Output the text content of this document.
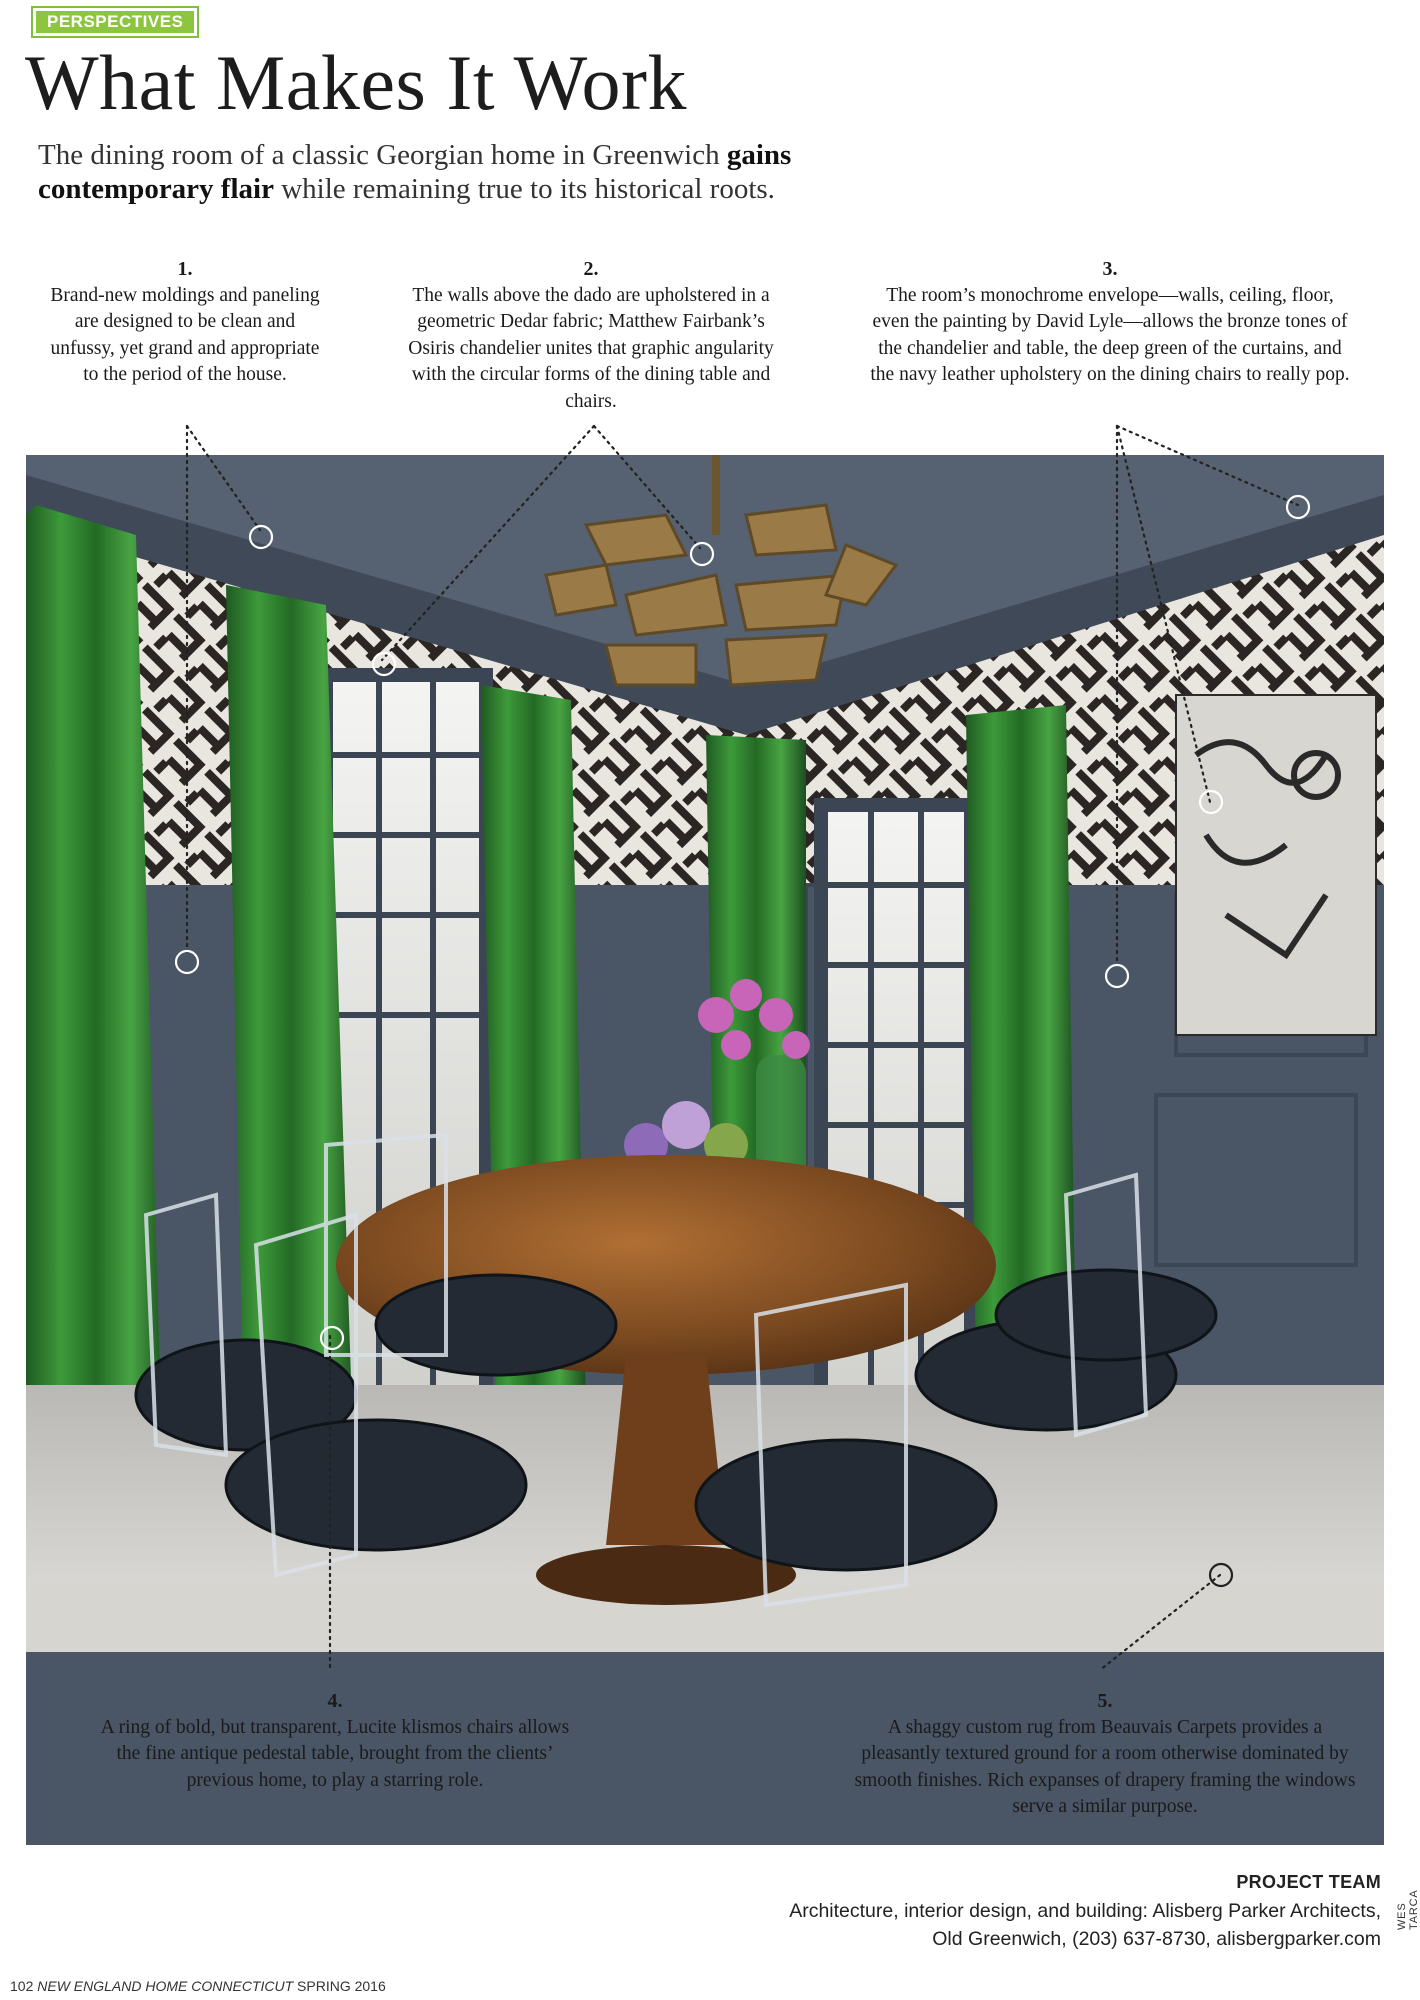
PERSPECTIVES
What Makes It Work
The dining room of a classic Georgian home in Greenwich gains contemporary flair while remaining true to its historical roots.
1.
Brand-new moldings and paneling are designed to be clean and unfussy, yet grand and appropriate to the period of the house.
2.
The walls above the dado are upholstered in a geometric Dedar fabric; Matthew Fairbank’s Osiris chandelier unites that graphic angularity with the circular forms of the dining table and chairs.
3.
The room’s monochrome envelope—walls, ceiling, floor, even the painting by David Lyle—allows the bronze tones of the chandelier and table, the deep green of the curtains, and the navy leather upholstery on the dining chairs to really pop.
4.
A ring of bold, but transparent, Lucite klismos chairs allows the fine antique pedestal table, brought from the clients’ previous home, to play a starring role.
5.
A shaggy custom rug from Beauvais Carpets provides a pleasantly textured ground for a room otherwise dominated by smooth finishes. Rich expanses of drapery framing the windows serve a similar purpose.
PROJECT TEAM
Architecture, interior design, and building: Alisberg Parker Architects,
Old Greenwich, (203) 637-8730, alisbergparker.com
WES TARCA
102 NEW ENGLAND HOME CONNECTICUT SPRING 2016
